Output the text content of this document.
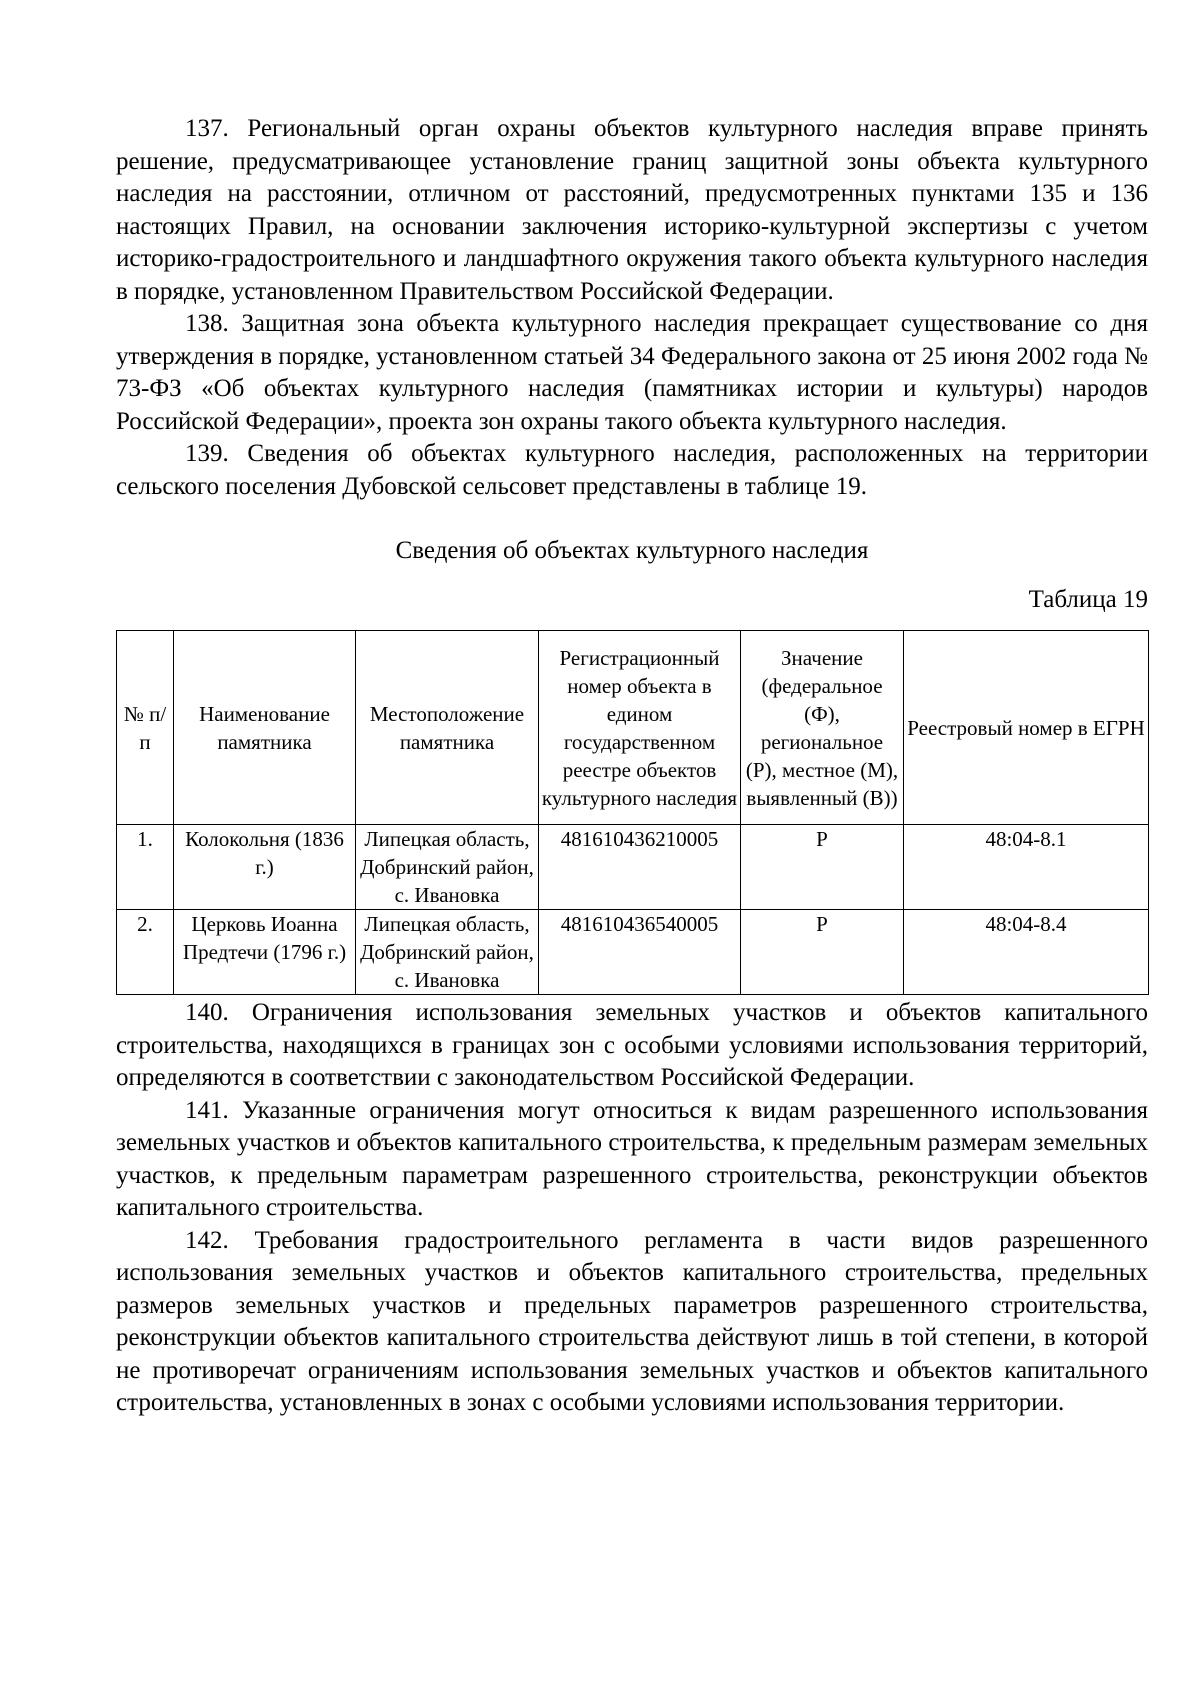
137. Региональный орган охраны объектов культурного наследия вправе принять решение, предусматривающее установление границ защитной зоны объекта культурного наследия на расстоянии, отличном от расстояний, предусмотренных пунктами 135 и 136 настоящих Правил, на основании заключения историко-культурной экспертизы с учетом историко-градостроительного и ландшафтного окружения такого объекта культурного наследия в порядке, установленном Правительством Российской Федерации.

138. Защитная зона объекта культурного наследия прекращает существование со дня утверждения в порядке, установленном статьей 34 Федерального закона от 25 июня 2002 года № 73-ФЗ «Об объектах культурного наследия (памятниках истории и культуры) народов Российской Федерации», проекта зон охраны такого объекта культурного наследия.

139. Сведения об объектах культурного наследия, расположенных на территории сельского поселения Дубовской сельсовет представлены в таблице 19.

Сведения об объектах культурного наследия

Таблица 19

№ п/п	Наименование памятника	Местоположение памятника	Регистрационный номер объекта в едином государственном реестре объектов культурного наследия	Значение (федеральное (Ф), региональное (Р), местное (М), выявленный (В))	Реестровый номер в ЕГРН
1.	Колокольня (1836 г.)	Липецкая область, Добринский район, с. Ивановка	481610436210005	Р	48:04-8.1
2.	Церковь Иоанна Предтечи (1796 г.)	Липецкая область, Добринский район, с. Ивановка	481610436540005	Р	48:04-8.4

140. Ограничения использования земельных участков и объектов капитального строительства, находящихся в границах зон с особыми условиями использования территорий, определяются в соответствии с законодательством Российской Федерации.

141. Указанные ограничения могут относиться к видам разрешенного использования земельных участков и объектов капитального строительства, к предельным размерам земельных участков, к предельным параметрам разрешенного строительства, реконструкции объектов капитального строительства.

142. Требования градостроительного регламента в части видов разрешенного использования земельных участков и объектов капитального строительства, предельных размеров земельных участков и предельных параметров разрешенного строительства, реконструкции объектов капитального строительства действуют лишь в той степени, в которой не противоречат ограничениям использования земельных участков и объектов капитального строительства, установленных в зонах с особыми условиями использования территории.
